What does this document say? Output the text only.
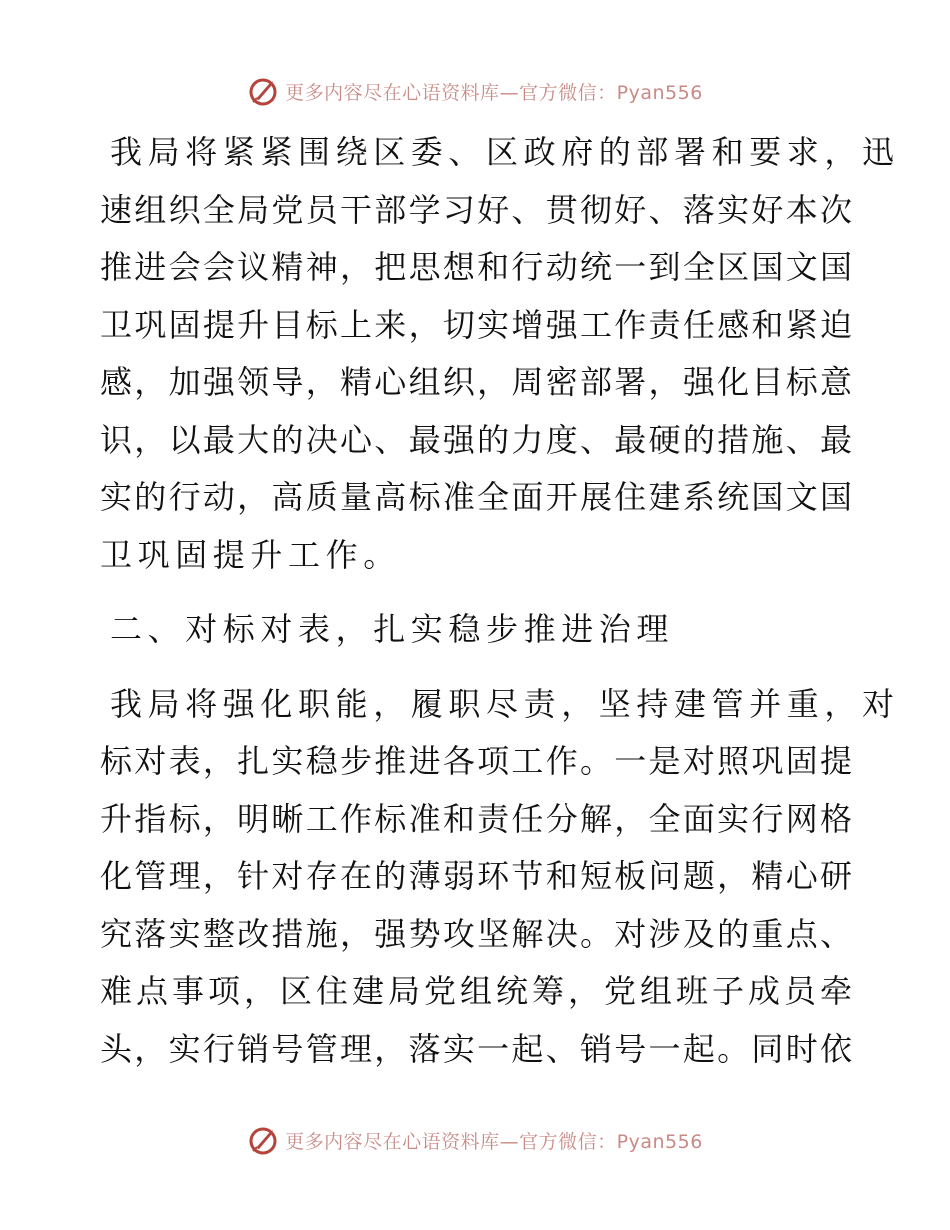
更多内容尽在心语资料库—官方微信：Pyan556
我局将紧紧围绕区委、区政府的部署和要求，迅
速组织全局党员干部学习好、贯彻好、落实好本次
推进会会议精神，把思想和行动统一到全区国文国
卫巩固提升目标上来，切实增强工作责任感和紧迫
感，加强领导，精心组织，周密部署，强化目标意
识，以最大的决心、最强的力度、最硬的措施、最
实的行动，高质量高标准全面开展住建系统国文国
卫巩固提升工作。
二、对标对表，扎实稳步推进治理
我局将强化职能，履职尽责，坚持建管并重，对
标对表，扎实稳步推进各项工作。一是对照巩固提
升指标，明晰工作标准和责任分解，全面实行网格
化管理，针对存在的薄弱环节和短板问题，精心研
究落实整改措施，强势攻坚解决。对涉及的重点、
难点事项，区住建局党组统筹，党组班子成员牵
头，实行销号管理，落实一起、销号一起。同时依
更多内容尽在心语资料库—官方微信：Pyan556
